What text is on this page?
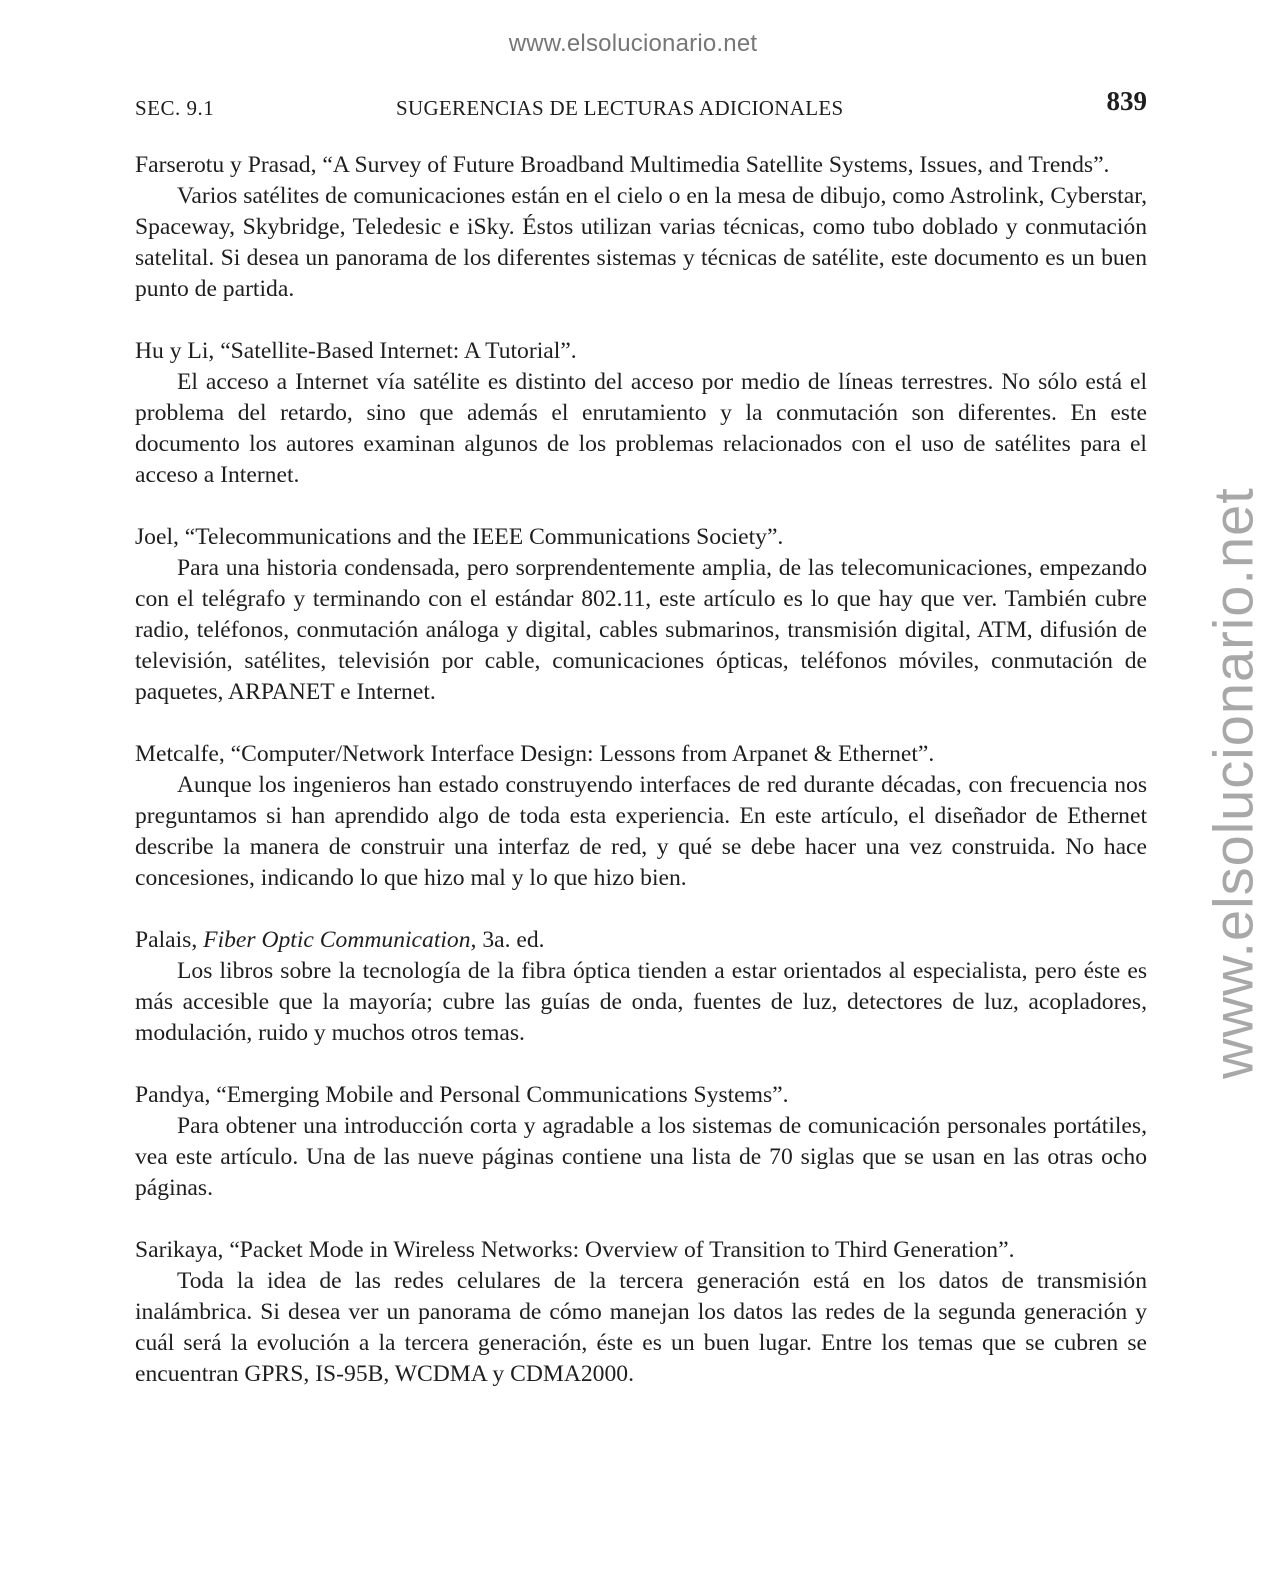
www.elsolucionario.net
www.elsolucionario.net
SEC. 9.1	SUGERENCIAS DE LECTURAS ADICIONALES	839

Farserotu y Prasad, “A Survey of Future Broadband Multimedia Satellite Systems, Issues, and Trends”.

Varios satélites de comunicaciones están en el cielo o en la mesa de dibujo, como Astrolink, Cyberstar, Spaceway, Skybridge, Teledesic e iSky. Éstos utilizan varias técnicas, como tubo doblado y conmutación satelital. Si desea un panorama de los diferentes sistemas y técnicas de satélite, este documento es un buen punto de partida.

Hu y Li, “Satellite-Based Internet: A Tutorial”.

El acceso a Internet vía satélite es distinto del acceso por medio de líneas terrestres. No sólo está el problema del retardo, sino que además el enrutamiento y la conmutación son diferentes. En este documento los autores examinan algunos de los problemas relacionados con el uso de satélites para el acceso a Internet.

Joel, “Telecommunications and the IEEE Communications Society”.

Para una historia condensada, pero sorprendentemente amplia, de las telecomunicaciones, empezando con el telégrafo y terminando con el estándar 802.11, este artículo es lo que hay que ver. También cubre radio, teléfonos, conmutación análoga y digital, cables submarinos, transmisión digital, ATM, difusión de televisión, satélites, televisión por cable, comunicaciones ópticas, teléfonos móviles, conmutación de paquetes, ARPANET e Internet.

Metcalfe, “Computer/Network Interface Design: Lessons from Arpanet & Ethernet”.

Aunque los ingenieros han estado construyendo interfaces de red durante décadas, con frecuencia nos preguntamos si han aprendido algo de toda esta experiencia. En este artículo, el diseñador de Ethernet describe la manera de construir una interfaz de red, y qué se debe hacer una vez construida. No hace concesiones, indicando lo que hizo mal y lo que hizo bien.

Palais, Fiber Optic Communication, 3a. ed.

Los libros sobre la tecnología de la fibra óptica tienden a estar orientados al especialista, pero éste es más accesible que la mayoría; cubre las guías de onda, fuentes de luz, detectores de luz, acopladores, modulación, ruido y muchos otros temas.

Pandya, “Emerging Mobile and Personal Communications Systems”.

Para obtener una introducción corta y agradable a los sistemas de comunicación personales portátiles, vea este artículo. Una de las nueve páginas contiene una lista de 70 siglas que se usan en las otras ocho páginas.

Sarikaya, “Packet Mode in Wireless Networks: Overview of Transition to Third Generation”.

Toda la idea de las redes celulares de la tercera generación está en los datos de transmisión inalámbrica. Si desea ver un panorama de cómo manejan los datos las redes de la segunda generación y cuál será la evolución a la tercera generación, éste es un buen lugar. Entre los temas que se cubren se encuentran GPRS, IS-95B, WCDMA y CDMA2000.
